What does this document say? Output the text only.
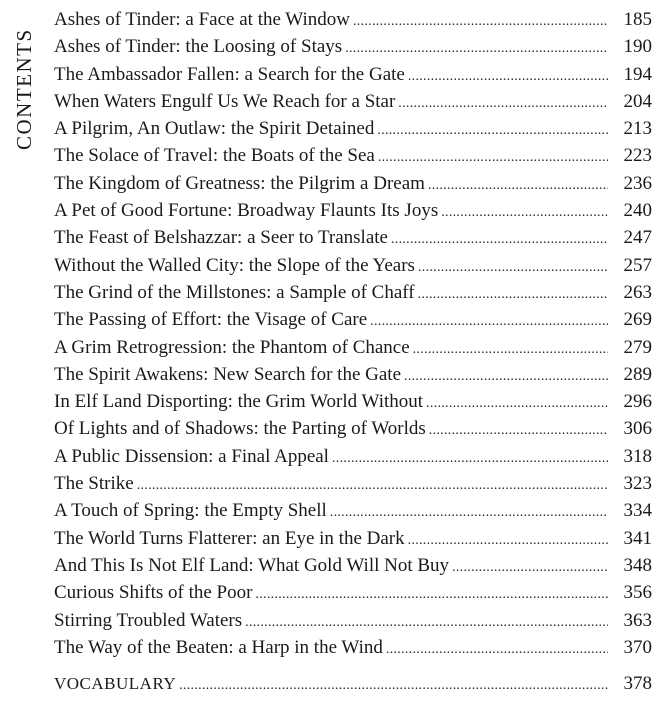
CONTENTS
Ashes of Tinder: a Face at the Window . . .	185
Ashes of Tinder: the Loosing of Stays . . .	190
The Ambassador Fallen: a Search for the Gate . . .	194
When Waters Engulf Us We Reach for a Star . . .	204
A Pilgrim, An Outlaw: the Spirit Detained . . .	213
The Solace of Travel: the Boats of the Sea . . .	223
The Kingdom of Greatness: the Pilgrim a Dream . . .	236
A Pet of Good Fortune: Broadway Flaunts Its Joys . . .	240
The Feast of Belshazzar: a Seer to Translate . . .	247
Without the Walled City: the Slope of the Years . . .	257
The Grind of the Millstones: a Sample of Chaff . . .	263
The Passing of Effort: the Visage of Care . . .	269
A Grim Retrogression: the Phantom of Chance . . .	279
The Spirit Awakens: New Search for the Gate . . .	289
In Elf Land Disporting: the Grim World Without . . .	296
Of Lights and of Shadows: the Parting of Worlds . . .	306
A Public Dissension: a Final Appeal . . .	318
The Strike . . .	323
A Touch of Spring: the Empty Shell . . .	334
The World Turns Flatterer: an Eye in the Dark . . .	341
And This Is Not Elf Land: What Gold Will Not Buy . . .	348
Curious Shifts of the Poor . . .	356
Stirring Troubled Waters . . .	363
The Way of the Beaten: a Harp in the Wind . . .	370
VOCABULARY . . .	378
